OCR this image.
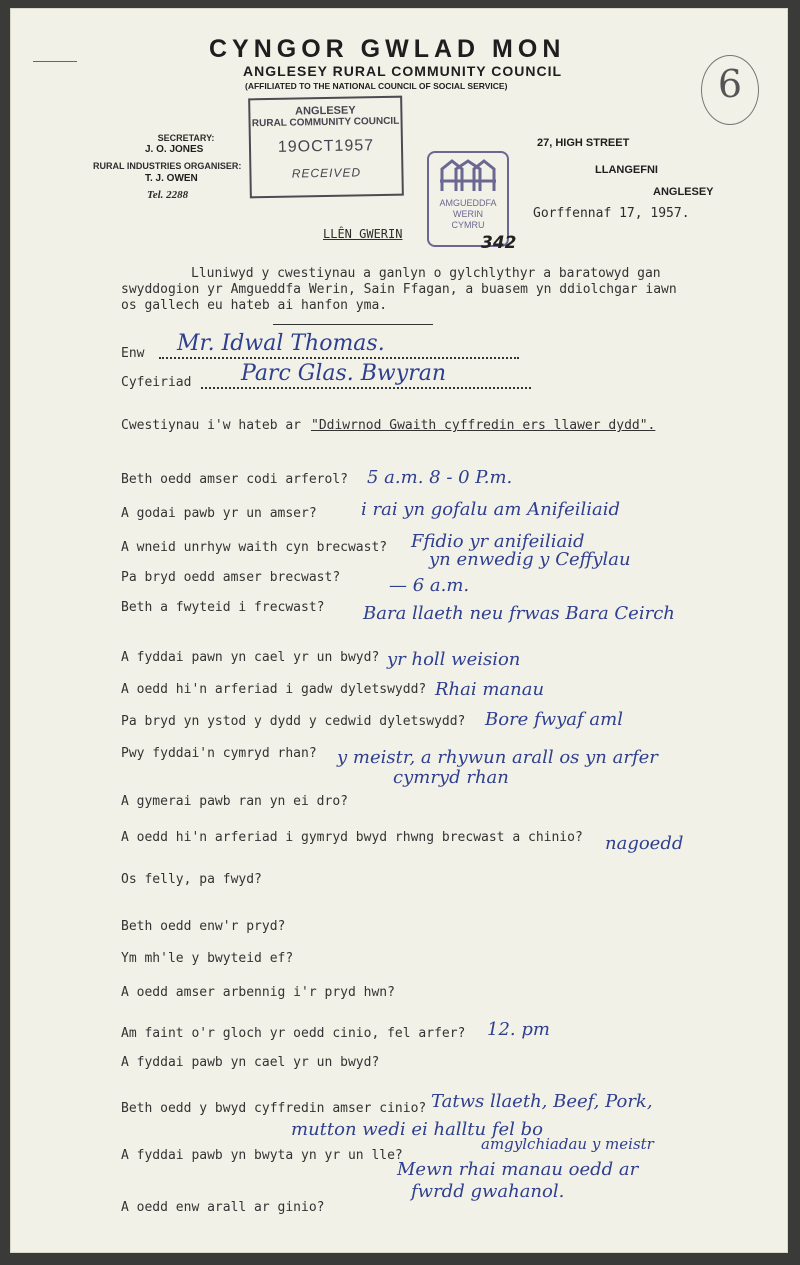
CYNGOR GWLAD MON
ANGLESEY RURAL COMMUNITY COUNCIL
(AFFILIATED TO THE NATIONAL COUNCIL OF SOCIAL SERVICE)	6
SECRETARY:
J. O. JONES
RURAL INDUSTRIES ORGANISER:
T. J. OWEN
Tel. 2288
ANGLESEY
RURAL COMMUNITY COUNCIL
19OCT1957
RECEIVED
AMGUEDDFA
WERIN
CYMRU
342
27, HIGH STREET
LLANGEFNI
ANGLESEY
Gorffennaf 17, 1957.
LLÊN GWERIN
Lluniwyd y cwestiynau a ganlyn o gylchlythyr a baratowyd gan
swyddogion yr Amgueddfa Werin, Sain Ffagan, a buasem yn ddiolchgar iawn
os gallech eu hateb ai hanfon yma.
Enw Mr. Idwal Thomas.
Cyfeiriad Parc Glas. Bwyran
Cwestiynau i'w hateb ar "Ddiwrnod Gwaith cyffredin ers llawer dydd".
Beth oedd amser codi arferol?
A godai pawb yr un amser?
A wneid unrhyw waith cyn brecwast?
Pa bryd oedd amser brecwast?
Beth a fwyteid i frecwast?
A fyddai pawn yn cael yr un bwyd?
A oedd hi'n arferiad i gadw dyletswydd?
Pa bryd yn ystod y dydd y cedwid dyletswydd?
Pwy fyddai'n cymryd rhan?
A gymerai pawb ran yn ei dro?
A oedd hi'n arferiad i gymryd bwyd rhwng brecwast a chinio?
Os felly, pa fwyd?
Beth oedd enw'r pryd?
Ym mh'le y bwyteid ef?
A oedd amser arbennig i'r pryd hwn?
Am faint o'r gloch yr oedd cinio, fel arfer?
A fyddai pawb yn cael yr un bwyd?
Beth oedd y bwyd cyffredin amser cinio?
A fyddai pawb yn bwyta yn yr un lle?
A oedd enw arall ar ginio?
5 a.m. 8 - 0 P.m.
i rai yn gofalu am Anifeiliaid
Ffidio yr anifeiliaid
yn enwedig y Ceffylau
— 6 a.m.
Bara llaeth neu frwas Bara Ceirch
yr holl weision
Rhai manau
Bore fwyaf aml
y meistr, a rhywun arall os yn arfer
cymryd rhan
nagoedd
12. pm
Tatws llaeth, Beef, Pork,
mutton wedi ei halltu fel bo
amgylchiadau y meistr
Mewn rhai manau oedd ar
fwrdd gwahanol.
